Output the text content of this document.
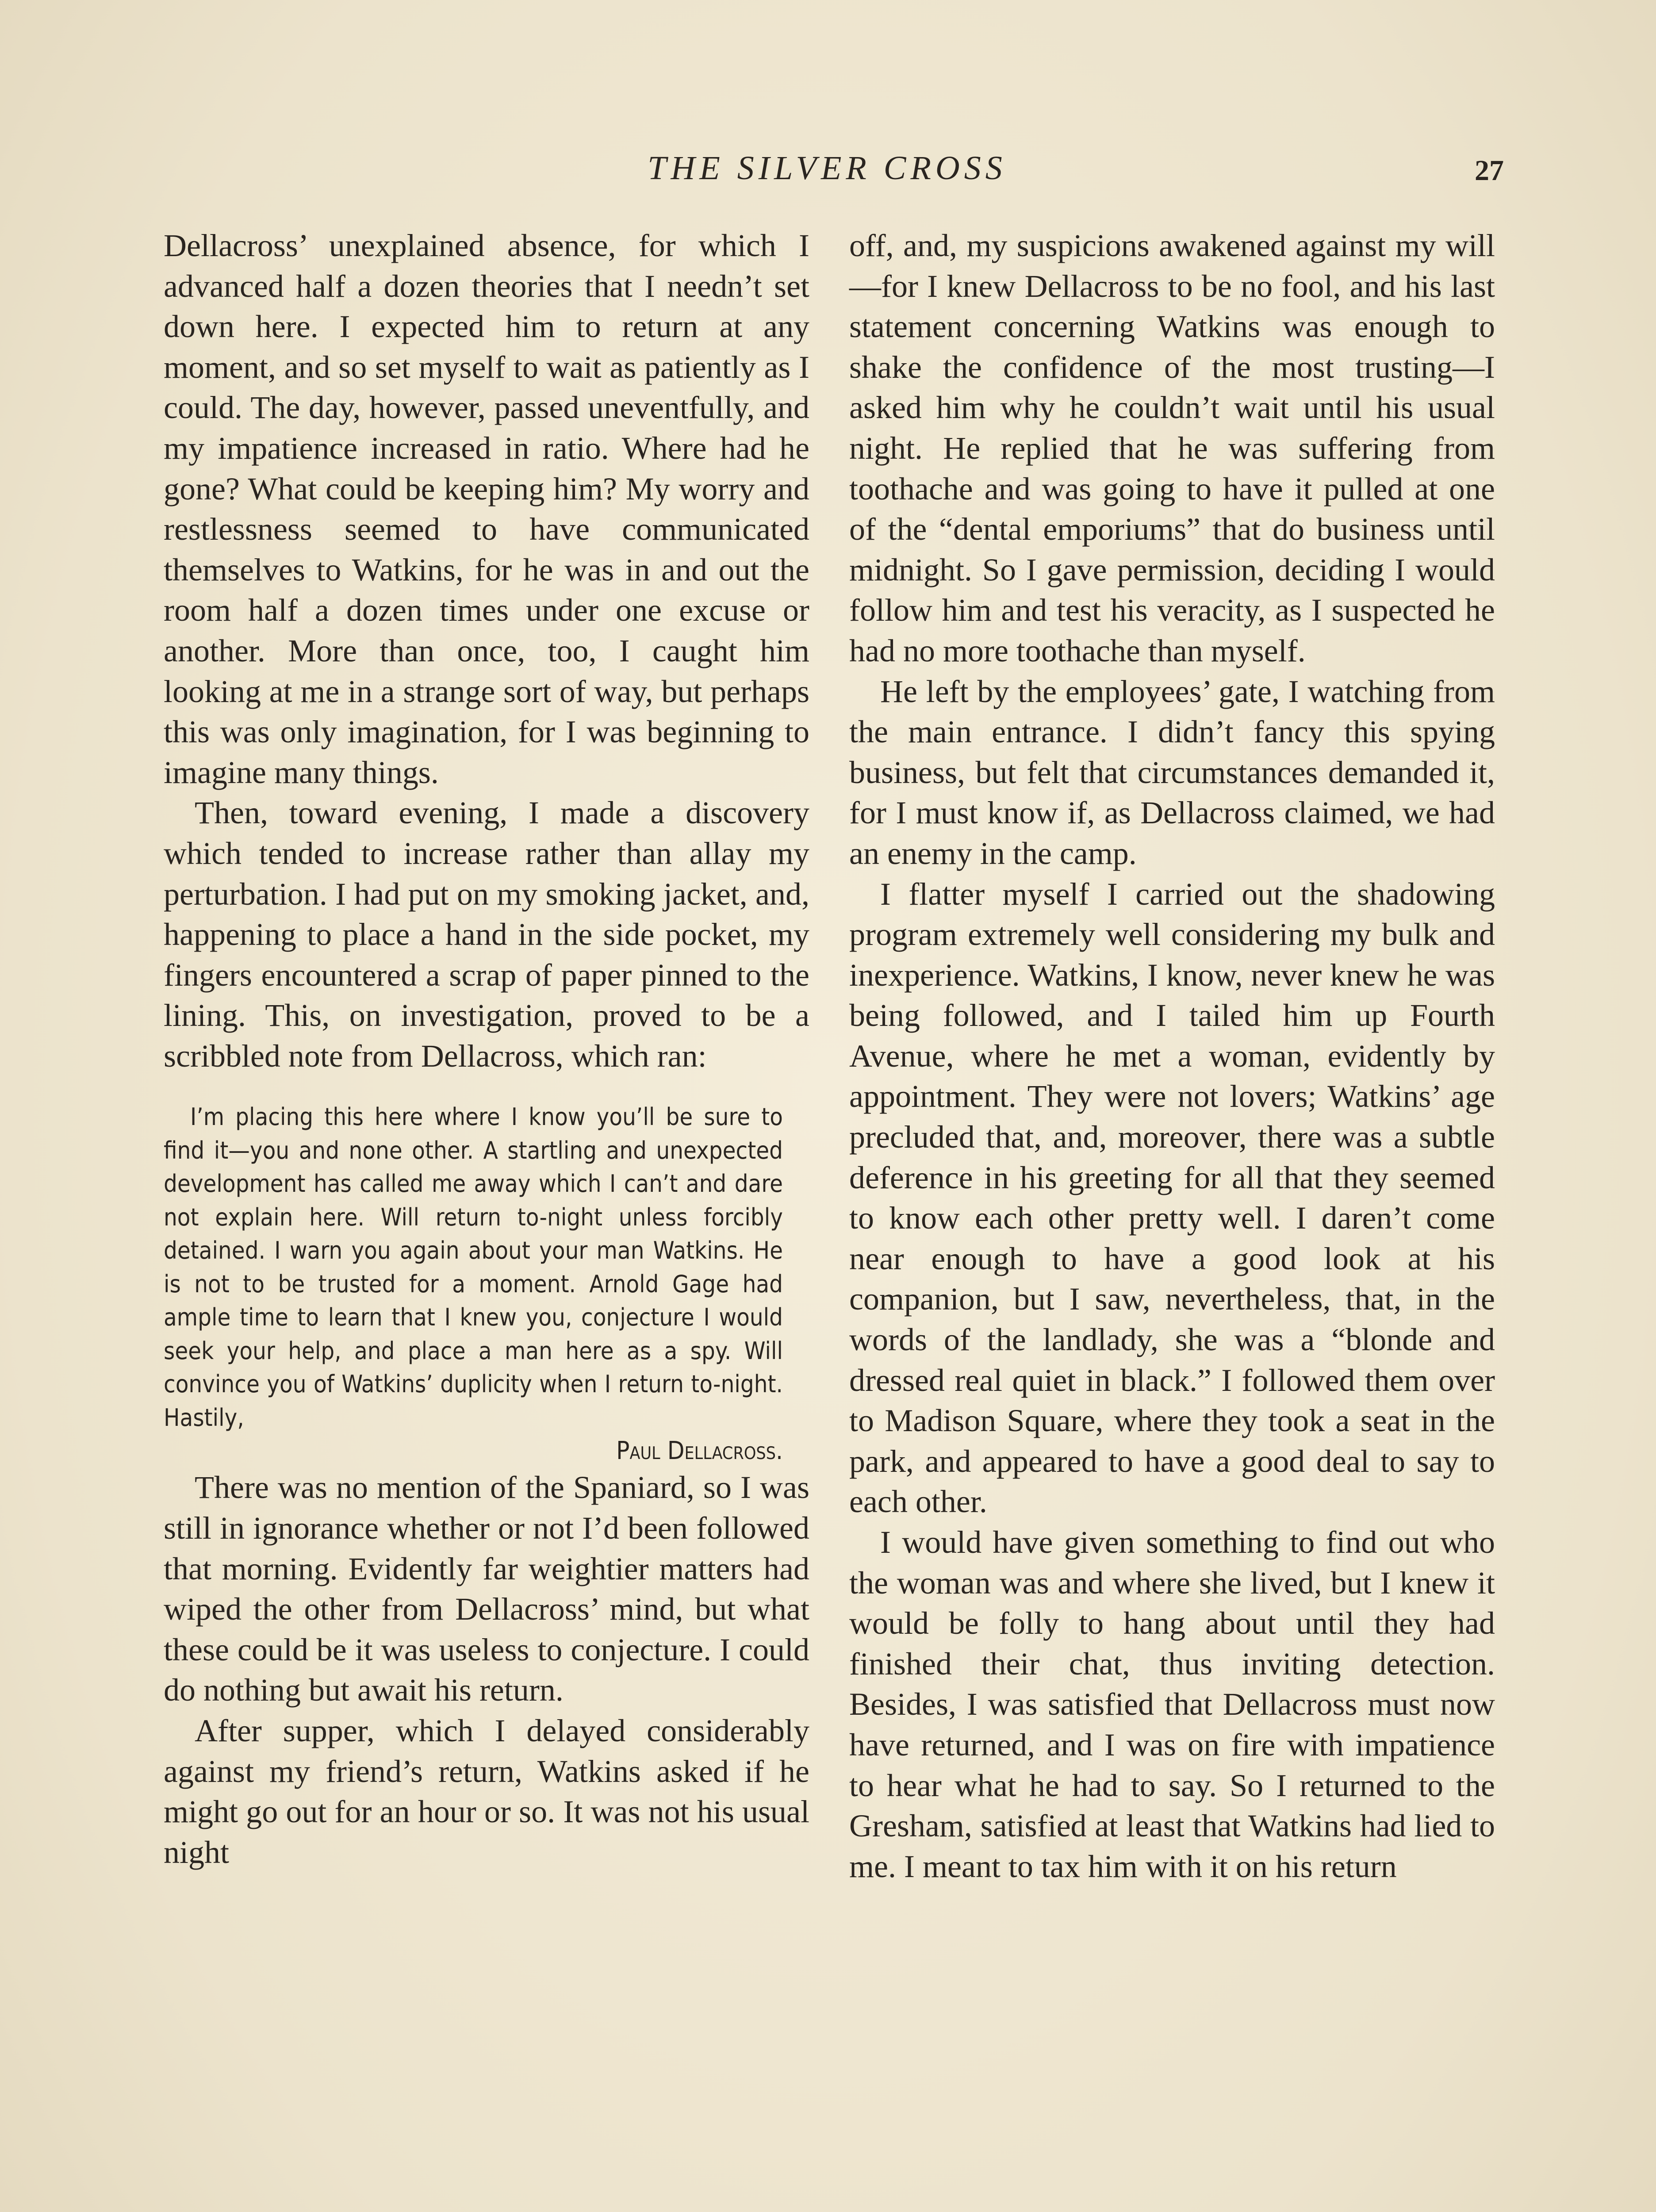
THE SILVER CROSS	27

Dellacross’ unexplained absence, for which I advanced half a dozen theories that I needn’t set down here. I expected him to return at any moment, and so set myself to wait as patiently as I could. The day, however, passed uneventfully, and my impatience increased in ratio. Where had he gone? What could be keeping him? My worry and restlessness seemed to have communicated themselves to Watkins, for he was in and out the room half a dozen times under one excuse or another. More than once, too, I caught him looking at me in a strange sort of way, but perhaps this was only imagination, for I was beginning to imagine many things.

Then, toward evening, I made a discovery which tended to increase rather than allay my perturbation. I had put on my smoking jacket, and, happening to place a hand in the side pocket, my fingers encountered a scrap of paper pinned to the lining. This, on investigation, proved to be a scribbled note from Dellacross, which ran:

I’m placing this here where I know you’ll be sure to find it—you and none other. A startling and unexpected development has called me away which I can’t and dare not explain here. Will return to-night unless forcibly detained. I warn you again about your man Watkins. He is not to be trusted for a moment. Arnold Gage had ample time to learn that I knew you, conjecture I would seek your help, and place a man here as a spy. Will convince you of Watkins’ duplicity when I return to-night. Hastily,

Paul Dellacross.

There was no mention of the Spaniard, so I was still in ignorance whether or not I’d been followed that morning. Evidently far weightier matters had wiped the other from Dellacross’ mind, but what these could be it was useless to conjecture. I could do nothing but await his return.

After supper, which I delayed considerably against my friend’s return, Watkins asked if he might go out for an hour or so. It was not his usual night

off, and, my suspicions awakened against my will—for I knew Dellacross to be no fool, and his last statement concerning Watkins was enough to shake the confidence of the most trusting—I asked him why he couldn’t wait until his usual night. He replied that he was suffering from toothache and was going to have it pulled at one of the “dental emporiums” that do business until midnight. So I gave permission, deciding I would follow him and test his veracity, as I suspected he had no more toothache than myself.

He left by the employees’ gate, I watching from the main entrance. I didn’t fancy this spying business, but felt that circumstances demanded it, for I must know if, as Dellacross claimed, we had an enemy in the camp.

I flatter myself I carried out the shadowing program extremely well considering my bulk and inexperience. Watkins, I know, never knew he was being followed, and I tailed him up Fourth Avenue, where he met a woman, evidently by appointment. They were not lovers; Watkins’ age precluded that, and, moreover, there was a subtle deference in his greeting for all that they seemed to know each other pretty well. I daren’t come near enough to have a good look at his companion, but I saw, nevertheless, that, in the words of the landlady, she was a “blonde and dressed real quiet in black.” I followed them over to Madison Square, where they took a seat in the park, and appeared to have a good deal to say to each other.

I would have given something to find out who the woman was and where she lived, but I knew it would be folly to hang about until they had finished their chat, thus inviting detection. Besides, I was satisfied that Dellacross must now have returned, and I was on fire with impatience to hear what he had to say. So I returned to the Gresham, satisfied at least that Watkins had lied to me. I meant to tax him with it on his return
